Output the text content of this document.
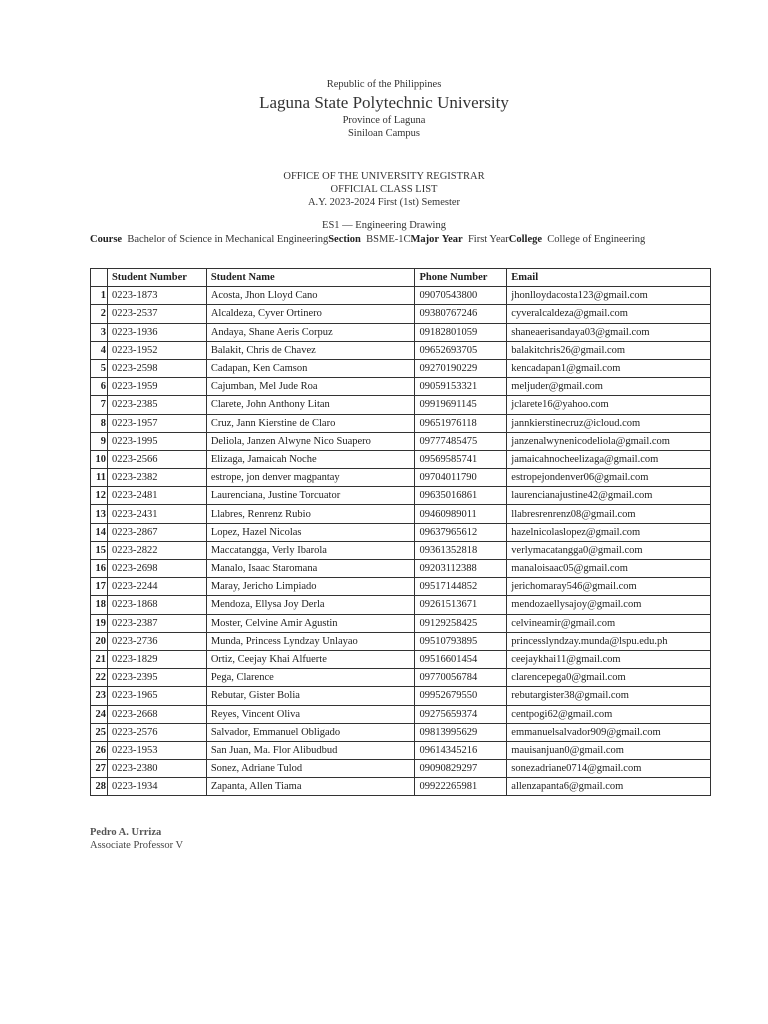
Republic of the Philippines
Laguna State Polytechnic University
Province of Laguna
Siniloan Campus
OFFICE OF THE UNIVERSITY REGISTRAR
OFFICIAL CLASS LIST
A.Y. 2023-2024 First (1st) Semester
ES1 — Engineering Drawing
Course Bachelor of Science in Mechanical EngineeringSection BSME-1CMajor Year First YearCollege College of Engineering
	Student Number	Student Name	Phone Number	Email
1	0223-1873	Acosta, Jhon Lloyd Cano	09070543800	jhonlloydacosta123@gmail.com
2	0223-2537	Alcaldeza, Cyver Ortinero	09380767246	cyveralcaldeza@gmail.com
3	0223-1936	Andaya, Shane Aeris Corpuz	09182801059	shaneaerisandaya03@gmail.com
4	0223-1952	Balakit, Chris de Chavez	09652693705	balakitchris26@gmail.com
5	0223-2598	Cadapan, Ken Camson	09270190229	kencadapan1@gmail.com
6	0223-1959	Cajumban, Mel Jude Roa	09059153321	meljuder@gmail.com
7	0223-2385	Clarete, John Anthony Litan	09919691145	jclarete16@yahoo.com
8	0223-1957	Cruz, Jann Kierstine de Claro	09651976118	jannkierstinecruz@icloud.com
9	0223-1995	Deliola, Janzen Alwyne Nico Suapero	09777485475	janzenalwynenicodeliola@gmail.com
10	0223-2566	Elizaga, Jamaicah Noche	09569585741	jamaicahnocheelizaga@gmail.com
11	0223-2382	estrope, jon denver magpantay	09704011790	estropejondenver06@gmail.com
12	0223-2481	Laurenciana, Justine Torcuator	09635016861	laurencianajustine42@gmail.com
13	0223-2431	Llabres, Renrenz Rubio	09460989011	llabresrenrenz08@gmail.com
14	0223-2867	Lopez, Hazel Nicolas	09637965612	hazelnicolaslopez@gmail.com
15	0223-2822	Maccatangga, Verly Ibarola	09361352818	verlymacatangga0@gmail.com
16	0223-2698	Manalo, Isaac Staromana	09203112388	manaloisaac05@gmail.com
17	0223-2244	Maray, Jericho Limpiado	09517144852	jerichomaray546@gmail.com
18	0223-1868	Mendoza, Ellysa Joy Derla	09261513671	mendozaellysajoy@gmail.com
19	0223-2387	Moster, Celvine Amir Agustin	09129258425	celvineamir@gmail.com
20	0223-2736	Munda, Princess Lyndzay Unlayao	09510793895	princesslyndzay.munda@lspu.edu.ph
21	0223-1829	Ortiz, Ceejay Khai Alfuerte	09516601454	ceejaykhai11@gmail.com
22	0223-2395	Pega, Clarence	09770056784	clarencepega0@gmail.com
23	0223-1965	Rebutar, Gister Bolia	09952679550	rebutargister38@gmail.com
24	0223-2668	Reyes, Vincent Oliva	09275659374	centpogi62@gmail.com
25	0223-2576	Salvador, Emmanuel Obligado	09813995629	emmanuelsalvador909@gmail.com
26	0223-1953	San Juan, Ma. Flor Alibudbud	09614345216	mauisanjuan0@gmail.com
27	0223-2380	Sonez, Adriane Tulod	09090829297	sonezadriane0714@gmail.com
28	0223-1934	Zapanta, Allen Tiama	09922265981	allenzapanta6@gmail.com
Pedro A. Urriza
Associate Professor V
